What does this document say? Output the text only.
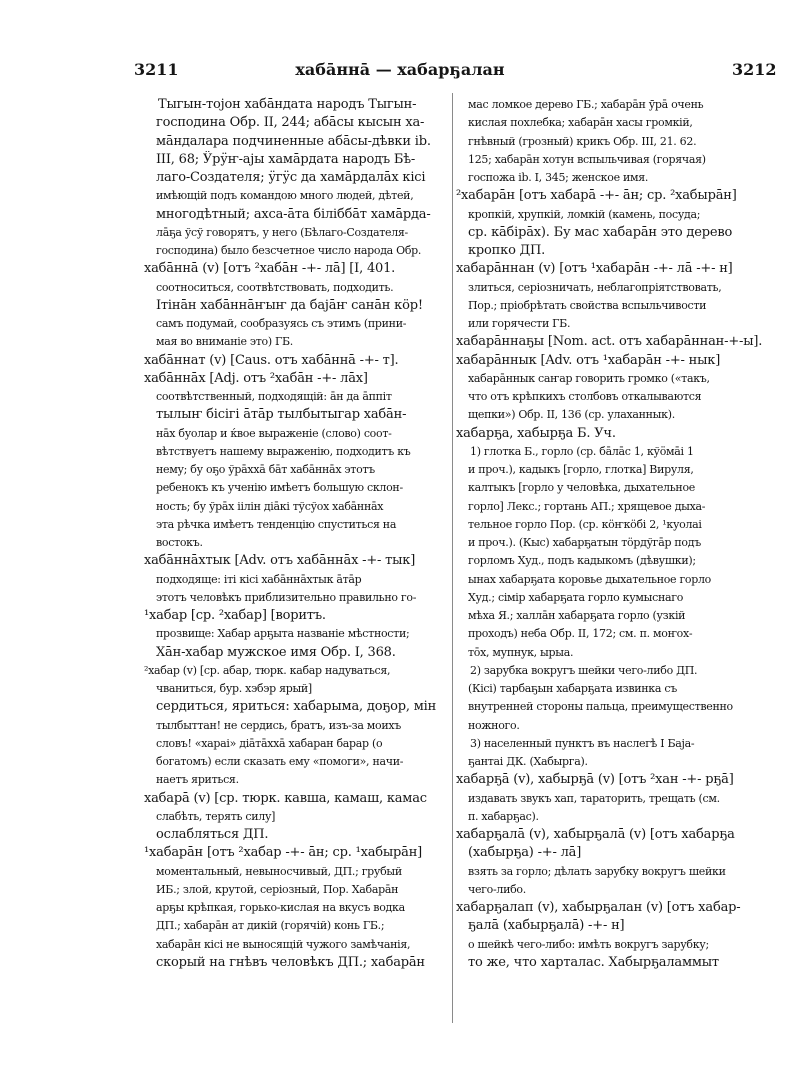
3211	хабāннā — хабарҕалан	3212
Тыгын-тојон хабāндата народъ Тыгын-
господина Обр. II, 244; абāсы кысын ха-
мāндалара подчиненные абāсы-дѣвки ib.
III, 68; Ӱрӱҥ-ајы хамāрдата народъ Бѣ-
лаго-Создателя; ӱгӱс да хамāрдалāх кісі
имѣющій подъ командою много людей, дѣтей,
многодѣтный; ахса-āта біліббāт хамāрда-
лāҕа ўсў говорятъ, у него (Бѣлаго-Создателя-
господина) было безсчетное число народа Обр.
хабāннā (v) [отъ ²хабāн -+- лā] [I, 401.
соотноситься, соотвѣтствовать, подходить.
Ітінāн хабāннāҥыҥ да бајāҥ санāн кöр!
самъ подумай, сообразуясь съ этимъ (прини-
мая во вниманіе это) ГБ.
хабāннат (v) [Caus. отъ хабāннā -+- т].
хабāннāх [Adj. отъ ²хабāн -+- лāх]
соотвѣтственный, подходящій: āн да āппіт
тылыҥ бісігі āтāр тылбытыгар хабāн-
нāх буолар и ќвое выраженіе (слово) соот-
вѣтствуетъ нашему выраженію, подходитъ къ
нему; бу оҕо ўрāххā бāт хабāннāх этотъ
ребенокъ къ ученію имѣетъ большую склон-
ность; бу ўрāх іілін діāкі тўсўох хабāннāх
эта рѣчка имѣетъ тенденцію спуститься на
востокъ.
хабāннāхтык [Adv. отъ хабāннāх -+- тык]
подходяще: іті кісі хабāннāхтык āтāр
этотъ человѣкъ приблизительно правильно го-
¹хабар [ср. ²хабар] [воритъ.
прозвище: Хабар арҕыта названіе мѣстности;
Хāн-хабар мужское имя Обр. I, 368.
²хабар (v) [ср. абар, тюрк. кабар надуваться,
чваниться, бур. хэбэр ярый]
сердиться, яриться: хабарыма, доҕор, мін
тылбыттан! не сердись, братъ, изъ-за моихъ
словъ! «хараі» діāтāххā хабаран барар (о
богатомъ) если сказать ему «помоги», начи-
наетъ яриться.
хабарā (v) [ср. тюрк. кавша, камаш, камас
слабѣть, терять силу]
ослабляться ДП.
¹хабарāн [отъ ²хабар -+- āн; ср. ¹хабырāн]
моментальный, невыносчивый, ДП.; грубый
ИБ.; злой, крутой, серіозный, Пор. Хабарāн
арҕы крѣпкая, горько-кислая на вкусъ водка
ДП.; хабарāн ат дикій (горячій) конь ГБ.;
хабарāн кісі не выносящій чужого замѣчанія,
скорый на гнѣвъ человѣкъ ДП.; хабарāн
мас ломкое дерево ГБ.; хабарāн ӯрā очень
кислая похлебка; хабарāн хасы громкій,
гнѣвный (грозный) крикъ Обр. III, 21. 62.
125; хабарāн хотун вспыльчивая (горячая)
госпожа ib. I, 345; женское имя.
²хабарāн [отъ хабарā -+- āн; ср. ²хабырāн]
кропкій, хрупкій, ломкій (камень, посуда;
ср. кāбірāх). Бу мас хабарāн это дерево
кропко ДП.
хабарāннан (v) [отъ ¹хабарāн -+- лā -+- н]
злиться, серіозничать, неблагопріятствовать,
Пор.; пріобрѣтать свойства вспыльчивости
или горячести ГБ.
хабарāннаҕы [Nom. act. отъ хабарāннан-+-ы].
хабарāннык [Adv. отъ ¹хабарāн -+- нык]
хабарāннык саҥар говорить громко («такъ,
что отъ крѣпкихъ столбовъ откалываются
щепки») Обр. II, 136 (ср. улаханнык).
хабарҕа, хабырҕа Б. Уч.
1) глотка Б., горло (ср. бāлāс 1, кўӧмāі 1
и проч.), кадыкъ [горло, глотка] Вируля,
калтыкъ [горло у человѣка, дыхательное
горло] Лекс.; гортань АП.; хрящевое дыха-
тельное горло Пор. (ср. кöҥкöбі 2, ¹куолаі
и проч.). (Кыс) хабарҕатын тöрдўгāр подъ
горломъ Худ., подъ кадыкомъ (дѣвушки);
ынах хабарҕата коровье дыхательное горло
Худ.; сімір хабарҕата горло кумыснаго
мѣха Я.; халлāн хабарҕата горло (узкій
проходъ) неба Обр. II, 172; см. п. моҥох-
тōх, мупнук, ырыа.
2) зарубка вокругъ шейки чего-либо ДП.
(Кісі) тарбаҕын хабарҕата извинка съ
внутренней стороны пальца, преимущественно
ножного.
3) населенный пунктъ въ наслегѣ I Баја-
ҕантаі ДК. (Хабырга).
хабарҕā (v), хабырҕā (v) [отъ ²хан -+- рҕā]
издавать звукъ хап, тараторить, трещать (см.
п. хабарҕас).
хабарҕалā (v), хабырҕалā (v) [отъ хабарҕа
(хабырҕа) -+- лā]
взять за горло; дѣлать зарубку вокругъ шейки
чего-либо.
хабарҕалап (v), хабырҕалан (v) [отъ хабар-
ҕалā (хабырҕалā) -+- н]
о шейкѣ чего-либо: имѣть вокругъ зарубку;
то же, что харталас. Хабырҕаламмыт
